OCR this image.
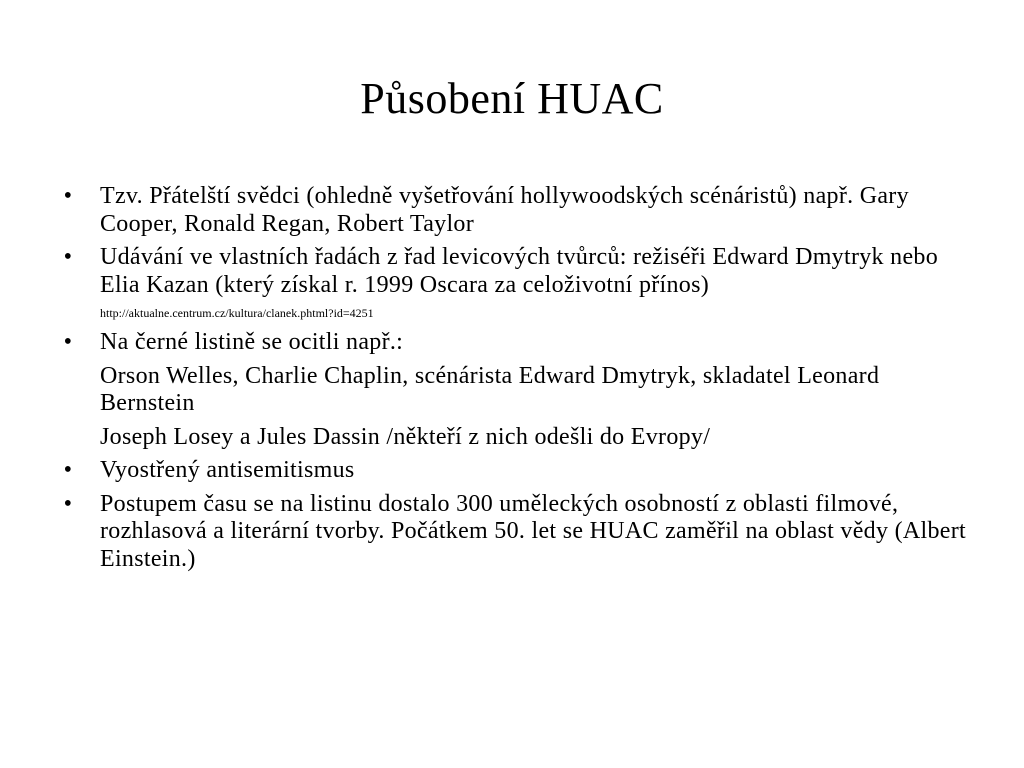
Působení HUAC
• Tzv. Přátelští svědci (ohledně vyšetřování hollywoodských scénáristů) např. Gary Cooper, Ronald Regan, Robert Taylor
• Udávání ve vlastních řadách z řad levicových tvůrců: režiséři Edward Dmytryk nebo Elia Kazan (který získal r. 1999 Oscara za celoživotní přínos)
http://aktualne.centrum.cz/kultura/clanek.phtml?id=4251
• Na černé listině se ocitli např.:
Orson Welles, Charlie Chaplin, scénárista Edward Dmytryk, skladatel Leonard Bernstein
Joseph Losey a Jules Dassin /někteří z nich odešli do Evropy/
• Vyostřený antisemitismus
• Postupem času se na listinu dostalo 300 uměleckých osobností z oblasti filmové, rozhlasová a literární tvorby. Počátkem 50. let se HUAC zaměřil na oblast vědy (Albert Einstein.)
